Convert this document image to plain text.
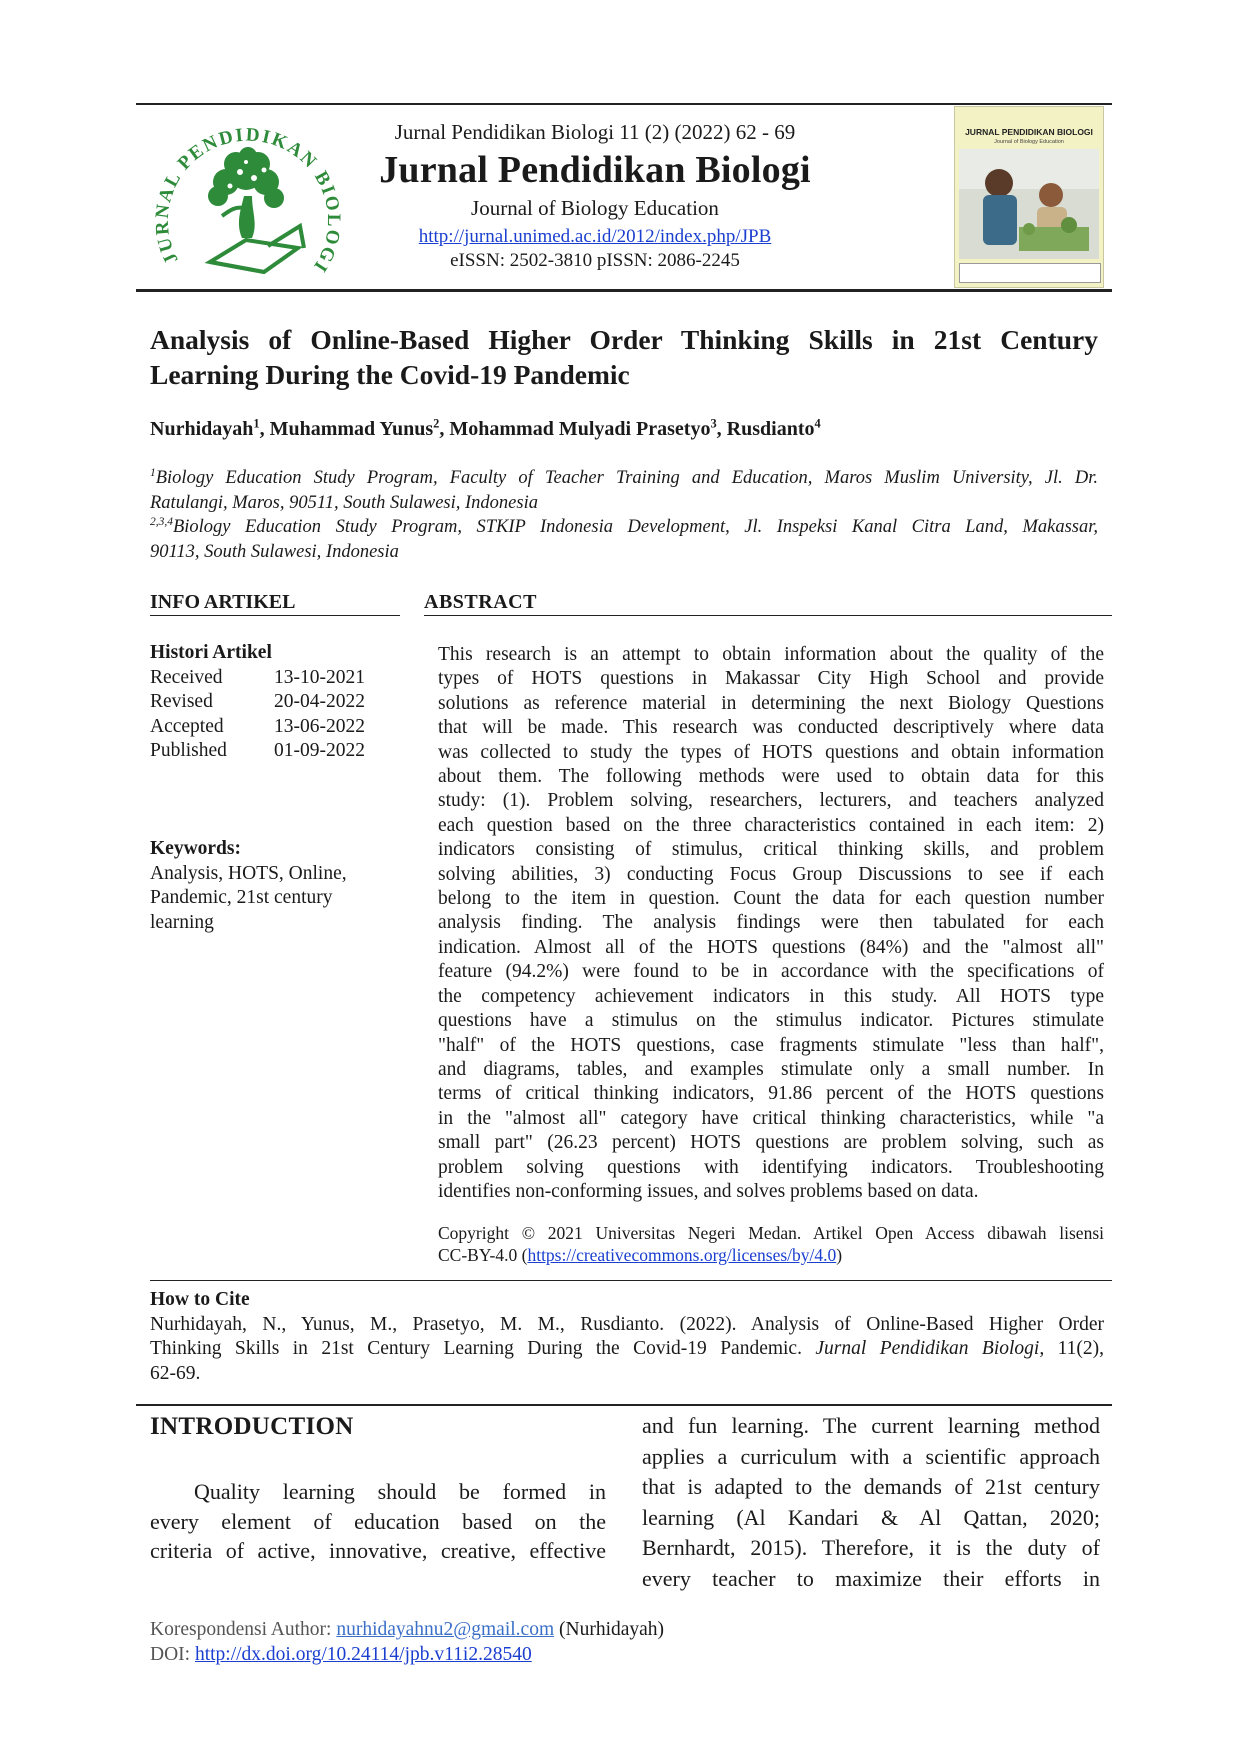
JURNAL PENDIDIKAN BIOLOGI
Jurnal Pendidikan Biologi 11 (2) (2022) 62 - 69
Jurnal Pendidikan Biologi
Journal of Biology Education
http://jurnal.unimed.ac.id/2012/index.php/JPB
eISSN: 2502-3810 pISSN: 2086-2245
JURNAL PENDIDIKAN BIOLOGI
Journal of Biology Education
Analysis of Online-Based Higher Order Thinking Skills in 21st Century
Learning During the Covid-19 Pandemic
Nurhidayah$^1$, Muhammad Yunus$^2$, Mohammad Mulyadi Prasetyo$^3$, Rusdianto$^4$
$^1$Biology Education Study Program, Faculty of Teacher Training and Education, Maros Muslim University, Jl. Dr.
Ratulangi, Maros, 90511, South Sulawesi, Indonesia
$^{2,3,4}$Biology Education Study Program, STKIP Indonesia Development, Jl. Inspeksi Kanal Citra Land, Makassar,
90113, South Sulawesi, Indonesia
INFO ARTIKEL
Histori Artikel
Received	13-10-2021
Revised	20-04-2022
Accepted	13-06-2022
Published 01-09-2022
Keywords:
Analysis, HOTS, Online,
Pandemic, 21st century
learning
ABSTRACT
This research is an attempt to obtain information about the quality of the
types of HOTS questions in Makassar City High School and provide
solutions as reference material in determining the next Biology Questions
that will be made. This research was conducted descriptively where data
was collected to study the types of HOTS questions and obtain information
about them. The following methods were used to obtain data for this
study: (1). Problem solving, researchers, lecturers, and teachers analyzed
each question based on the three characteristics contained in each item: 2)
indicators consisting of stimulus, critical thinking skills, and problem
solving abilities, 3) conducting Focus Group Discussions to see if each
belong to the item in question. Count the data for each question number
analysis finding. The analysis findings were then tabulated for each
indication. Almost all of the HOTS questions (84%) and the "almost all"
feature (94.2%) were found to be in accordance with the specifications of
the competency achievement indicators in this study. All HOTS type
questions have a stimulus on the stimulus indicator. Pictures stimulate
"half" of the HOTS questions, case fragments stimulate "less than half",
and diagrams, tables, and examples stimulate only a small number. In
terms of critical thinking indicators, 91.86 percent of the HOTS questions
in the "almost all" category have critical thinking characteristics, while "a
small part" (26.23 percent) HOTS questions are problem solving, such as
problem solving questions with identifying indicators. Troubleshooting
identifies non-conforming issues, and solves problems based on data.
Copyright © 2021 Universitas Negeri Medan. Artikel Open Access dibawah lisensi
CC-BY-4.0 (https://creativecommons.org/licenses/by/4.0)
How to Cite
Nurhidayah, N., Yunus, M., Prasetyo, M. M., Rusdianto. (2022). Analysis of Online-Based Higher Order
Thinking Skills in 21st Century Learning During the Covid-19 Pandemic. Jurnal Pendidikan Biologi, 11(2),
62-69.
INTRODUCTION
Quality learning should be formed in
every element of education based on the
criteria of active, innovative, creative, effective
and fun learning. The current learning method
applies a curriculum with a scientific approach
that is adapted to the demands of 21st century
learning (Al Kandari & Al Qattan, 2020;
Bernhardt, 2015). Therefore, it is the duty of
every teacher to maximize their efforts in
Korespondensi Author: nurhidayahnu2@gmail.com (Nurhidayah)
DOI: http://dx.doi.org/10.24114/jpb.v11i2.28540
